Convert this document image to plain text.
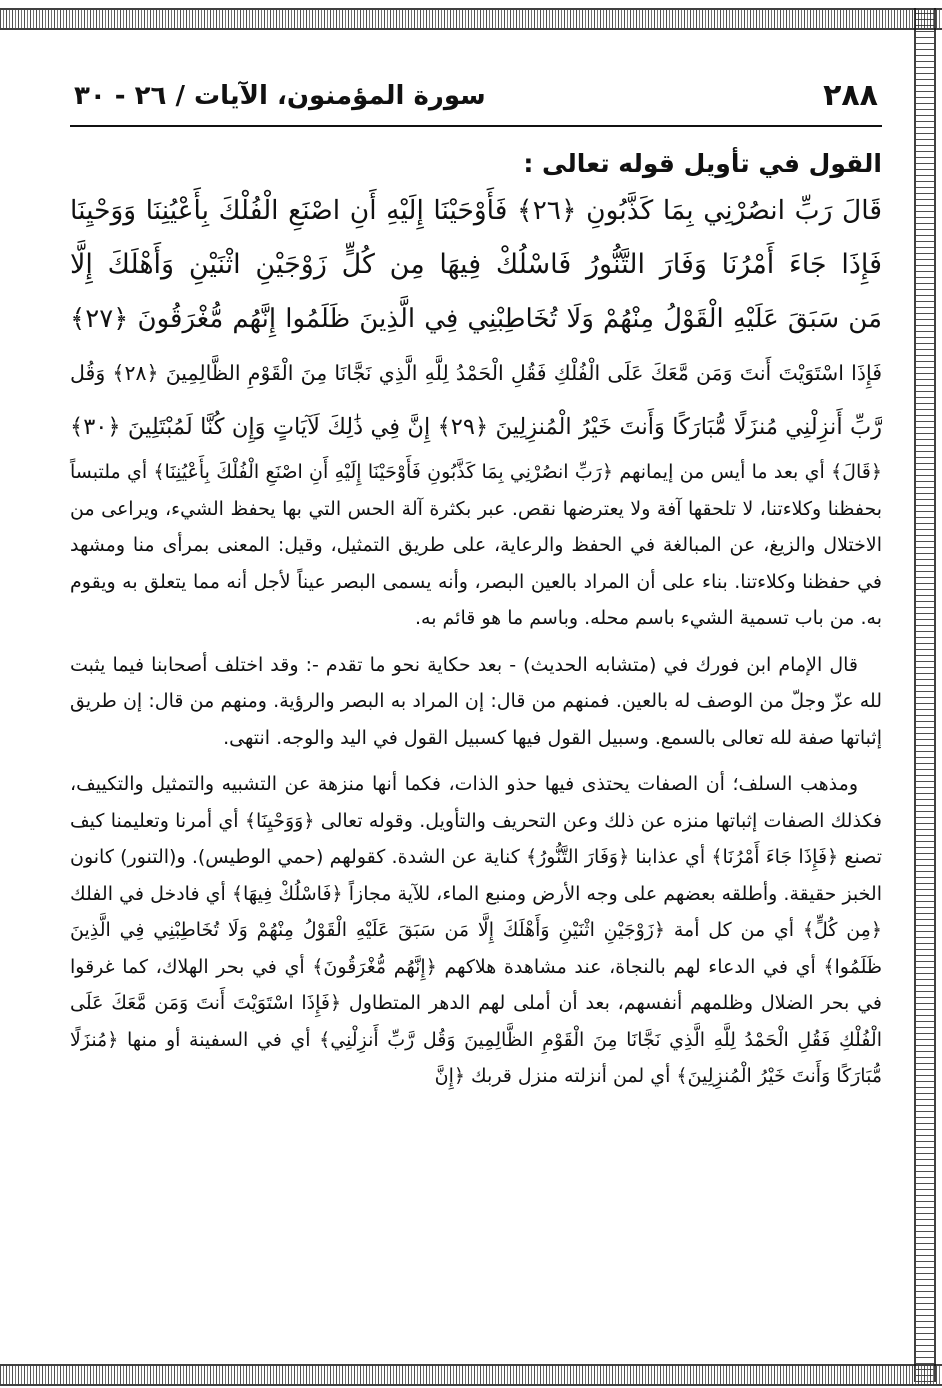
٢٨٨
سورة المؤمنون، الآيات / ٢٦ - ٣٠
القول في تأويل قوله تعالى :
قَالَ رَبِّ انصُرْنِي بِمَا كَذَّبُونِ ﴿٢٦﴾ فَأَوْحَيْنَا إِلَيْهِ أَنِ اصْنَعِ الْفُلْكَ بِأَعْيُنِنَا وَوَحْيِنَا
فَإِذَا جَاءَ أَمْرُنَا وَفَارَ التَّنُّورُ فَاسْلُكْ فِيهَا مِن كُلٍّ زَوْجَيْنِ اثْنَيْنِ وَأَهْلَكَ إِلَّا
مَن سَبَقَ عَلَيْهِ الْقَوْلُ مِنْهُمْ وَلَا تُخَاطِبْنِي فِي الَّذِينَ ظَلَمُوا إِنَّهُم مُّغْرَقُونَ ﴿٢٧﴾
فَإِذَا اسْتَوَيْتَ أَنتَ وَمَن مَّعَكَ عَلَى الْفُلْكِ فَقُلِ الْحَمْدُ لِلَّهِ الَّذِي نَجَّانَا مِنَ الْقَوْمِ الظَّالِمِينَ ﴿٢٨﴾ وَقُل
رَّبِّ أَنزِلْنِي مُنزَلًا مُّبَارَكًا وَأَنتَ خَيْرُ الْمُنزِلِينَ ﴿٢٩﴾ إِنَّ فِي ذَٰلِكَ لَآيَاتٍ وَإِن كُنَّا لَمُبْتَلِينَ ﴿٣٠﴾

﴿قَالَ﴾ أي بعد ما أيس من إيمانهم ﴿رَبِّ انصُرْنِي بِمَا كَذَّبُونِ فَأَوْحَيْنَا إِلَيْهِ أَنِ اصْنَعِ الْفُلْكَ بِأَعْيُنِنَا﴾ أي ملتبساً بحفظنا وكلاءتنا، لا تلحقها آفة ولا يعترضها نقص. عبر بكثرة آلة الحس التي بها يحفظ الشيء، ويراعى من الاختلال والزيغ، عن المبالغة في الحفظ والرعاية، على طريق التمثيل، وقيل: المعنى بمرأى منا ومشهد في حفظنا وكلاءتنا. بناء على أن المراد بالعين البصر، وأنه يسمى البصر عيناً لأجل أنه مما يتعلق به ويقوم به. من باب تسمية الشيء باسم محله. وباسم ما هو قائم به.

قال الإمام ابن فورك في (متشابه الحديث) - بعد حكاية نحو ما تقدم -: وقد اختلف أصحابنا فيما يثبت لله عزّ وجلّ من الوصف له بالعين. فمنهم من قال: إن المراد به البصر والرؤية. ومنهم من قال: إن طريق إثباتها صفة لله تعالى بالسمع. وسبيل القول فيها كسبيل القول في اليد والوجه. انتهى.

ومذهب السلف؛ أن الصفات يحتذى فيها حذو الذات، فكما أنها منزهة عن التشبيه والتمثيل والتكييف، فكذلك الصفات إثباتها منزه عن ذلك وعن التحريف والتأويل. وقوله تعالى ﴿وَوَحْيِنَا﴾ أي أمرنا وتعليمنا كيف تصنع ﴿فَإِذَا جَاءَ أَمْرُنَا﴾ أي عذابنا ﴿وَفَارَ التَّنُّورُ﴾ كناية عن الشدة. كقولهم (حمي الوطيس). و(التنور) كانون الخبز حقيقة. وأطلقه بعضهم على وجه الأرض ومنبع الماء، للآية مجازاً ﴿فَاسْلُكْ فِيهَا﴾ أي فادخل في الفلك ﴿مِن كُلٍّ﴾ أي من كل أمة ﴿زَوْجَيْنِ اثْنَيْنِ وَأَهْلَكَ إِلَّا مَن سَبَقَ عَلَيْهِ الْقَوْلُ مِنْهُمْ وَلَا تُخَاطِبْنِي فِي الَّذِينَ ظَلَمُوا﴾ أي في الدعاء لهم بالنجاة، عند مشاهدة هلاكهم ﴿إِنَّهُم مُّغْرَقُونَ﴾ أي في بحر الهلاك، كما غرقوا في بحر الضلال وظلمهم أنفسهم، بعد أن أملى لهم الدهر المتطاول ﴿فَإِذَا اسْتَوَيْتَ أَنتَ وَمَن مَّعَكَ عَلَى الْفُلْكِ فَقُلِ الْحَمْدُ لِلَّهِ الَّذِي نَجَّانَا مِنَ الْقَوْمِ الظَّالِمِينَ وَقُل رَّبِّ أَنزِلْنِي﴾ أي في السفينة أو منها ﴿مُنزَلًا مُّبَارَكًا وَأَنتَ خَيْرُ الْمُنزِلِينَ﴾ أي لمن أنزلته منزل قربك ﴿إِنَّ
